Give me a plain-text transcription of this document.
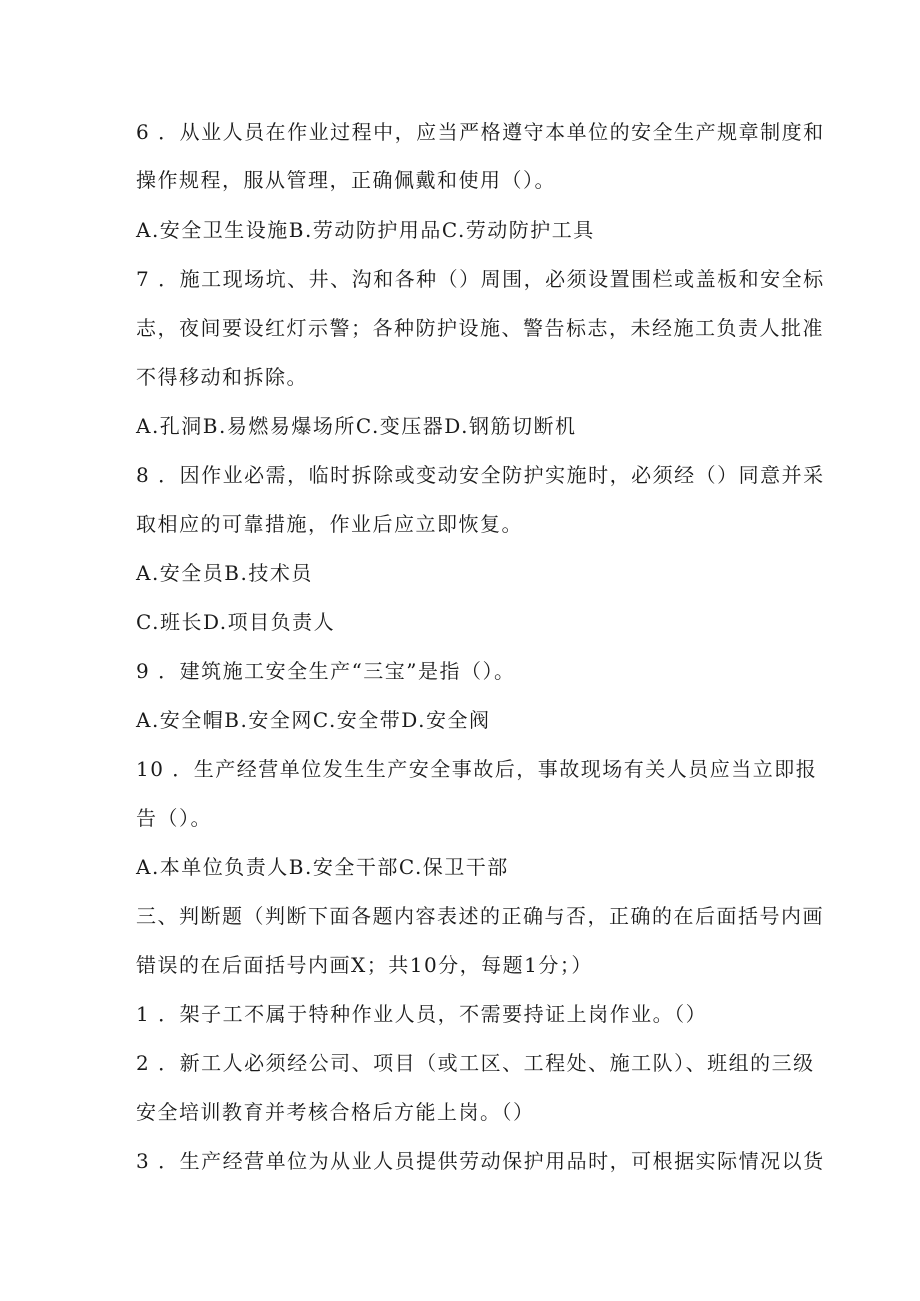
6 ．从业人员在作业过程中，应当严格遵守本单位的安全生产规章制度和
操作规程，服从管理，正确佩戴和使用（）。
A.安全卫生设施B.劳动防护用品C.劳动防护工具
7 ．施工现场坑、井、沟和各种（）周围，必须设置围栏或盖板和安全标
志，夜间要设红灯示警；各种防护设施、警告标志，未经施工负责人批准
不得移动和拆除。
A.孔洞B.易燃易爆场所C.变压器D.钢筋切断机
8 ．因作业必需，临时拆除或变动安全防护实施时，必须经（）同意并采
取相应的可靠措施，作业后应立即恢复。
A.安全员B.技术员
C.班长D.项目负责人
9 ．建筑施工安全生产“三宝”是指（）。
A.安全帽B.安全网C.安全带D.安全阀
10 ．生产经营单位发生生产安全事故后，事故现场有关人员应当立即报
告（）。
A.本单位负责人B.安全干部C.保卫干部
三、判断题（判断下面各题内容表述的正确与否，正确的在后面括号内画
错误的在后面括号内画X；共10分，每题1分；）
1 ．架子工不属于特种作业人员，不需要持证上岗作业。（）
2 ．新工人必须经公司、项目（或工区、工程处、施工队）、班组的三级
安全培训教育并考核合格后方能上岗。（）
3 ．生产经营单位为从业人员提供劳动保护用品时，可根据实际情况以货
